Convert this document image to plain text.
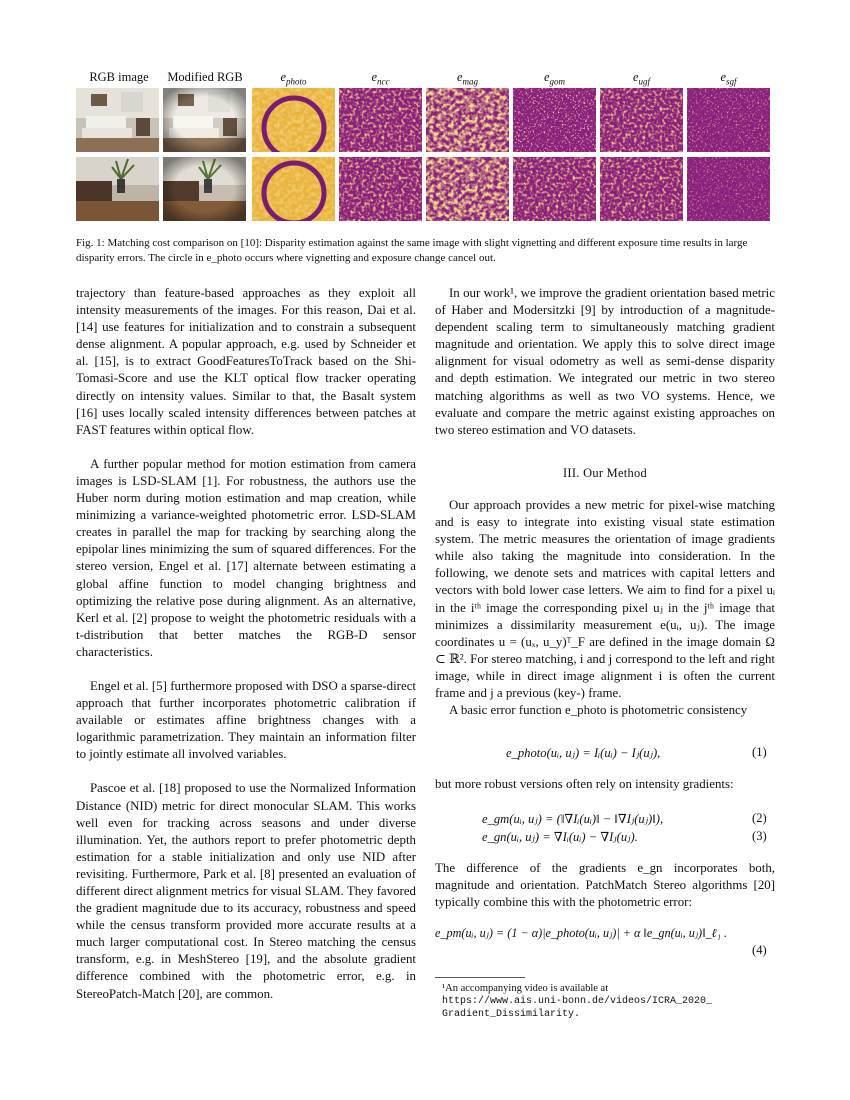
RGB image	Modified RGB	$e_{photo}$	$e_{ncc}$	$e_{mag}$	$e_{gom}$	$e_{ugf}$	$e_{sgf}$
Fig. 1: Matching cost comparison on [10]: Disparity estimation against the same image with slight vignetting and different exposure time results in large disparity errors. The circle in e_photo occurs where vignetting and exposure change cancel out.

trajectory than feature-based approaches as they exploit all intensity measurements of the images. For this reason, Dai et al. [14] use features for initialization and to constrain a subsequent dense alignment. A popular approach, e.g. used by Schneider et al. [15], is to extract GoodFeaturesToTrack based on the Shi-Tomasi-Score and use the KLT optical flow tracker operating directly on intensity values. Similar to that, the Basalt system [16] uses locally scaled intensity differences between patches at FAST features within optical flow.

A further popular method for motion estimation from camera images is LSD-SLAM [1]. For robustness, the authors use the Huber norm during motion estimation and map creation, while minimizing a variance-weighted photometric error. LSD-SLAM creates in parallel the map for tracking by searching along the epipolar lines minimizing the sum of squared differences. For the stereo version, Engel et al. [17] alternate between estimating a global affine function to model changing brightness and optimizing the relative pose during alignment. As an alternative, Kerl et al. [2] propose to weight the photometric residuals with a t-distribution that better matches the RGB-D sensor characteristics.

Engel et al. [5] furthermore proposed with DSO a sparse-direct approach that further incorporates photometric calibration if available or estimates affine brightness changes with a logarithmic parametrization. They maintain an information filter to jointly estimate all involved variables.

Pascoe et al. [18] proposed to use the Normalized Information Distance (NID) metric for direct monocular SLAM. This works well even for tracking across seasons and under diverse illumination. Yet, the authors report to prefer photometric depth estimation for a stable initialization and only use NID after revisiting. Furthermore, Park et al. [8] presented an evaluation of different direct alignment metrics for visual SLAM. They favored the gradient magnitude due to its accuracy, robustness and speed while the census transform provided more accurate results at a much larger computational cost. In Stereo matching the census transform, e.g. in MeshStereo [19], and the absolute gradient difference combined with the photometric error, e.g. in StereoPatch-Match [20], are common.

In our work¹, we improve the gradient orientation based metric of Haber and Modersitzki [9] by introduction of a magnitude-dependent scaling term to simultaneously matching gradient magnitude and orientation. We apply this to solve direct image alignment for visual odometry as well as semi-dense disparity and depth estimation. We integrated our metric in two stereo matching algorithms as well as two VO systems. Hence, we evaluate and compare the metric against existing approaches on two stereo estimation and VO datasets.

III. Our Method

Our approach provides a new metric for pixel-wise matching and is easy to integrate into existing visual state estimation system. The metric measures the orientation of image gradients while also taking the magnitude into consideration. In the following, we denote sets and matrices with capital letters and vectors with bold lower case letters. We aim to find for a pixel uᵢ in the iᵗʰ image the corresponding pixel uⱼ in the jᵗʰ image that minimizes a dissimilarity measurement e(uᵢ, uⱼ). The image coordinates u = (uₓ, u_y)ᵀ_F are defined in the image domain Ω ⊂ ℝ². For stereo matching, i and j correspond to the left and right image, while in direct image alignment i is often the current frame and j a previous (key-) frame.

A basic error function e_photo is photometric consistency

e_photo(uᵢ, uⱼ) = Iᵢ(uᵢ) − Iⱼ(uⱼ),	(1)

but more robust versions often rely on intensity gradients:

e_gm(uᵢ, uⱼ) = (‖∇Iᵢ(uᵢ)‖ − ‖∇Iⱼ(uⱼ)‖),	(2)
e_gn(uᵢ, uⱼ) = ∇Iᵢ(uᵢ) − ∇Iⱼ(uⱼ).	(3)

The difference of the gradients e_gn incorporates both, magnitude and orientation. PatchMatch Stereo algorithms [20] typically combine this with the photometric error:

e_pm(uᵢ, uⱼ) = (1 − α)|e_photo(uᵢ, uⱼ)| + α ‖e_gn(uᵢ, uⱼ)‖_ℓ₁ .
(4)
¹An accompanying video is available at
https://www.ais.uni-bonn.de/videos/ICRA_2020_
Gradient_Dissimilarity.
